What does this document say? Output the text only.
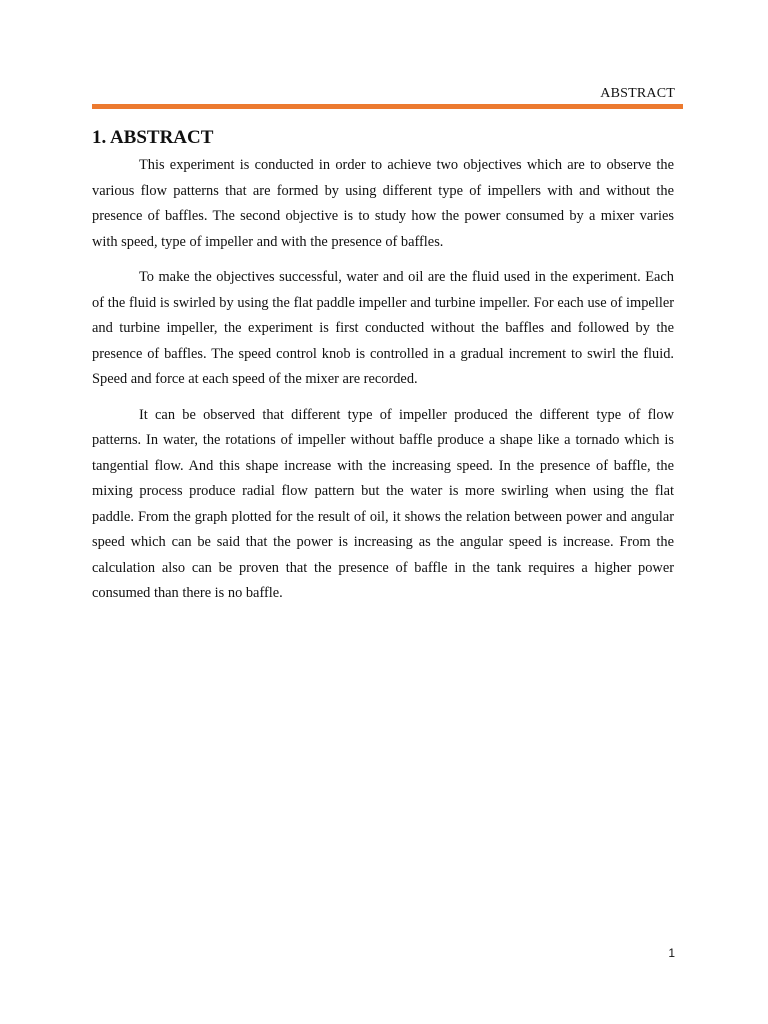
ABSTRACT
1. ABSTRACT

This experiment is conducted in order to achieve two objectives which are to observe the various flow patterns that are formed by using different type of impellers with and without the presence of baffles. The second objective is to study how the power consumed by a mixer varies with speed, type of impeller and with the presence of baffles.

To make the objectives successful, water and oil are the fluid used in the experiment. Each of the fluid is swirled by using the flat paddle impeller and turbine impeller. For each use of impeller and turbine impeller, the experiment is first conducted without the baffles and followed by the presence of baffles. The speed control knob is controlled in a gradual increment to swirl the fluid. Speed and force at each speed of the mixer are recorded.

It can be observed that different type of impeller produced the different type of flow patterns. In water, the rotations of impeller without baffle produce a shape like a tornado which is tangential flow. And this shape increase with the increasing speed. In the presence of baffle, the mixing process produce radial flow pattern but the water is more swirling when using the flat paddle. From the graph plotted for the result of oil, it shows the relation between power and angular speed which can be said that the power is increasing as the angular speed is increase. From the calculation also can be proven that the presence of baffle in the tank requires a higher power consumed than there is no baffle.

1
